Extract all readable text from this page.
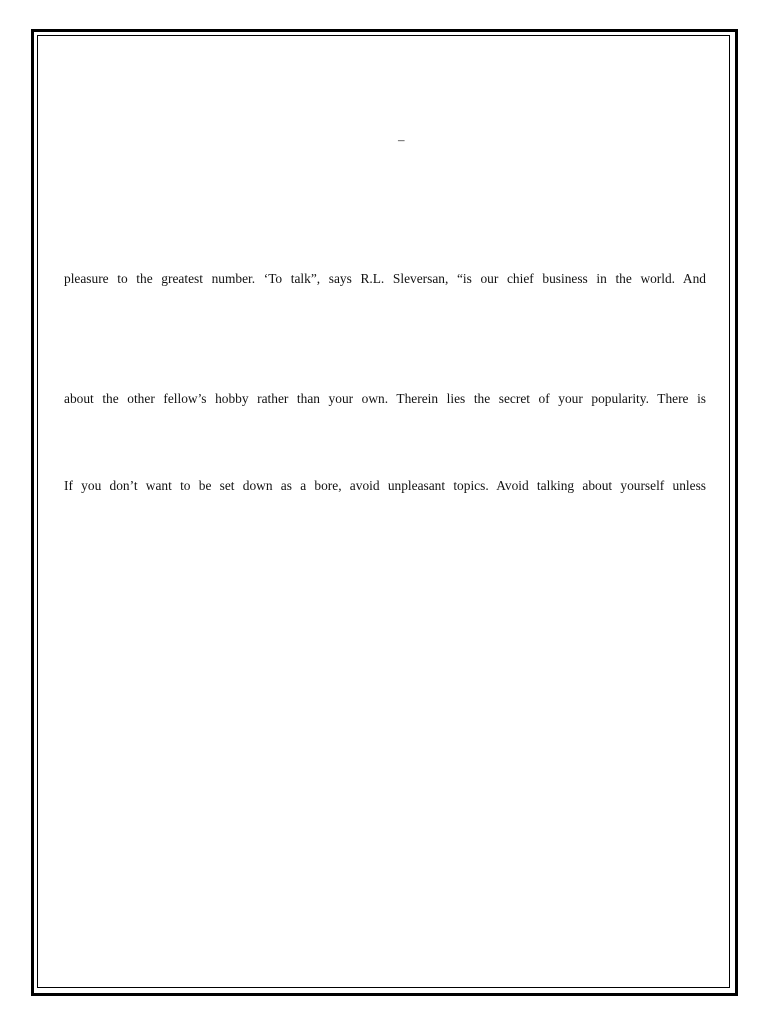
–
pleasure to the greatest number. ‘To talk”, says R.L. Sleversan, “is our chief business in the world. And
about the other fellow’s hobby rather than your own. Therein lies the secret of your popularity. There is
If you don’t want to be set down as a bore, avoid unpleasant topics. Avoid talking about yourself unless
